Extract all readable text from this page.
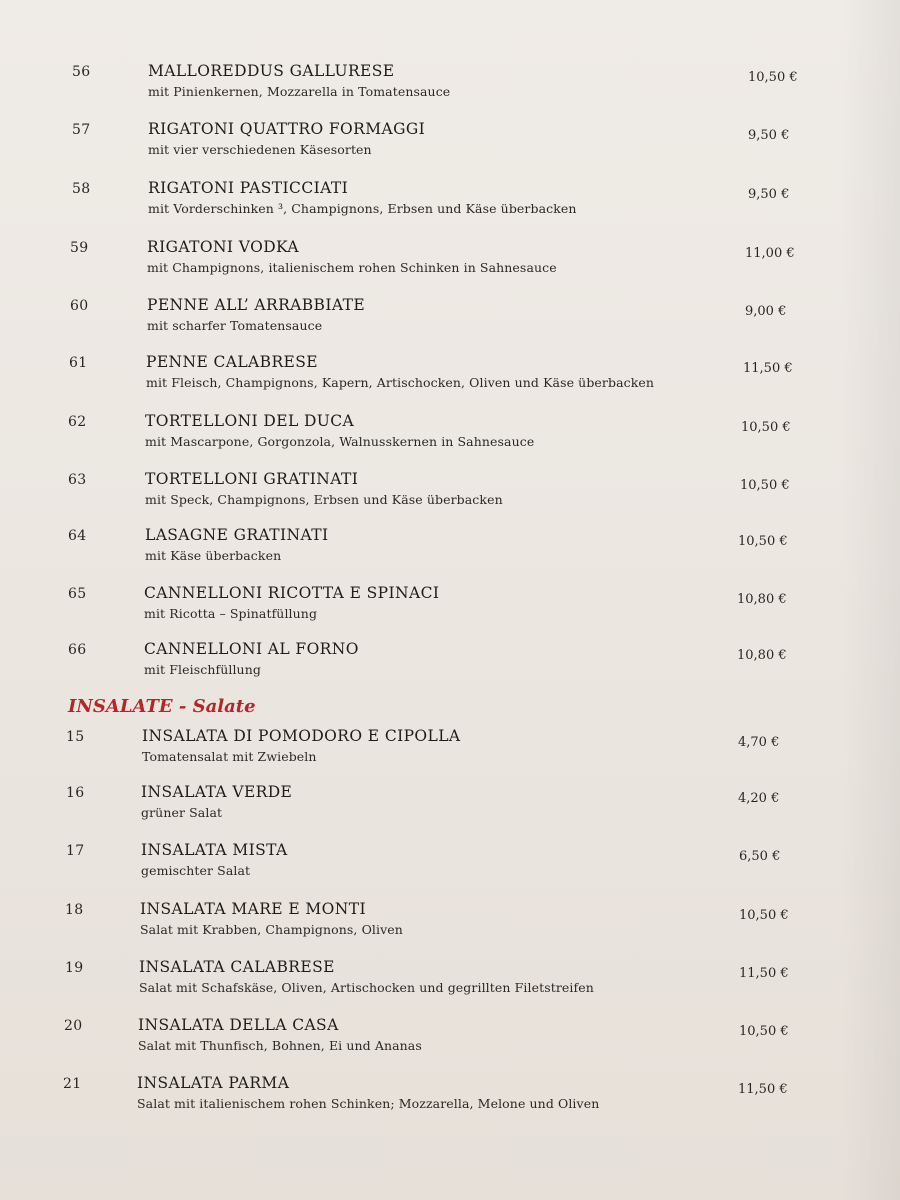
56	MALLOREDDUS GALLURESE
mit Pinienkernen, Mozzarella in Tomatensauce
10,50 €
57	RIGATONI QUATTRO FORMAGGI
mit vier verschiedenen Käsesorten
9,50 €
58	RIGATONI PASTICCIATI
mit Vorderschinken ³, Champignons, Erbsen und Käse überbacken
9,50 €
59	RIGATONI VODKA
mit Champignons, italienischem rohen Schinken in Sahnesauce
11,00 €
60	PENNE ALL’ ARRABBIATE
mit scharfer Tomatensauce
9,00 €
61	PENNE CALABRESE
mit Fleisch, Champignons, Kapern, Artischocken, Oliven und Käse überbacken
11,50 €
62	TORTELLONI DEL DUCA
mit Mascarpone, Gorgonzola, Walnusskernen in Sahnesauce
10,50 €
63	TORTELLONI GRATINATI
mit Speck, Champignons, Erbsen und Käse überbacken
10,50 €
64	LASAGNE GRATINATI
mit Käse überbacken
10,50 €
65	CANNELLONI RICOTTA E SPINACI
mit Ricotta – Spinatfüllung
10,80 €
66	CANNELLONI AL FORNO
mit Fleischfüllung
10,80 €
INSALATE - Salate
15	INSALATA DI POMODORO E CIPOLLA
Tomatensalat mit Zwiebeln
4,70 €
16	INSALATA VERDE
grüner Salat
4,20 €
17	INSALATA MISTA
gemischter Salat
6,50 €
18	INSALATA MARE E MONTI
Salat mit Krabben, Champignons, Oliven
10,50 €
19	INSALATA CALABRESE
Salat mit Schafskäse, Oliven, Artischocken und gegrillten Filetstreifen
11,50 €
20	INSALATA DELLA CASA
Salat mit Thunfisch, Bohnen, Ei und Ananas
10,50 €
21	INSALATA PARMA
Salat mit italienischem rohen Schinken; Mozzarella, Melone und Oliven
11,50 €
